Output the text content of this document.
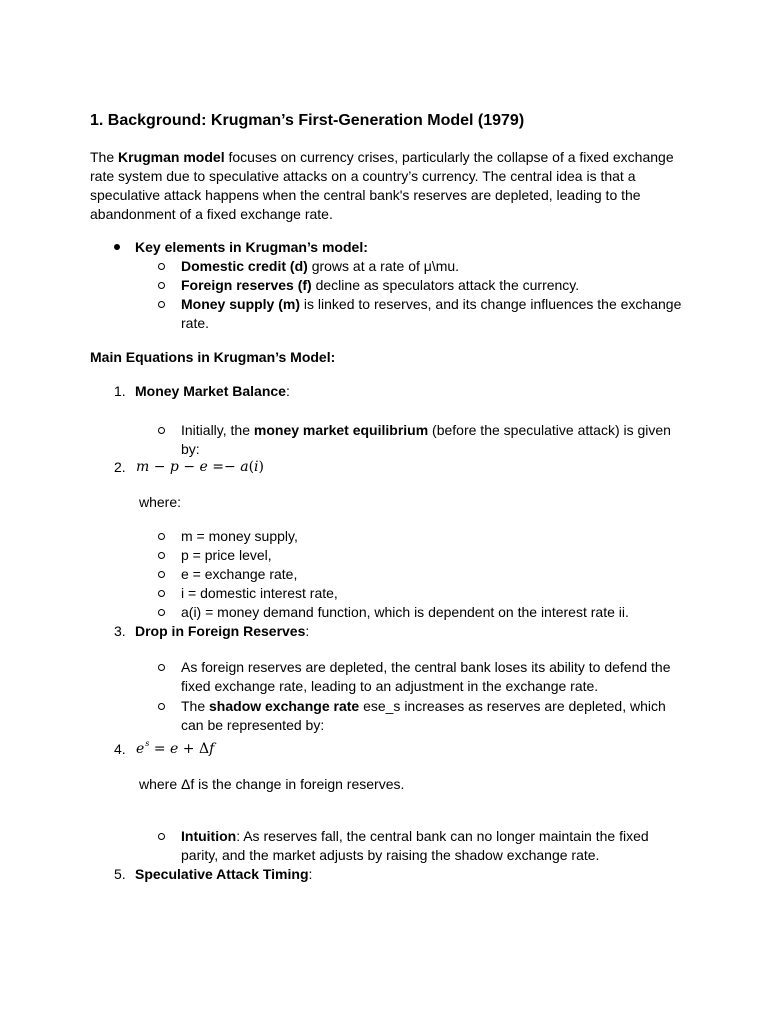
1. Background: Krugman’s First-Generation Model (1979)
The Krugman model focuses on currency crises, particularly the collapse of a fixed exchange
rate system due to speculative attacks on a country’s currency. The central idea is that a
speculative attack happens when the central bank's reserves are depleted, leading to the
abandonment of a fixed exchange rate.
Key elements in Krugman’s model:
Domestic credit (d) grows at a rate of μ\mu.
Foreign reserves (f) decline as speculators attack the currency.
Money supply (m) is linked to reserves, and its change influences the exchange
rate.
Main Equations in Krugman’s Model:
1. Money Market Balance:
Initially, the money market equilibrium (before the speculative attack) is given
by:
2. m − p − e =− a(i)
where:
m = money supply,
p = price level,
e = exchange rate,
i = domestic interest rate,
a(i) = money demand function, which is dependent on the interest rate ii.
3. Drop in Foreign Reserves:
As foreign reserves are depleted, the central bank loses its ability to defend the
fixed exchange rate, leading to an adjustment in the exchange rate.
The shadow exchange rate ese_s increases as reserves are depleted, which
can be represented by:
4. $e^s = e + \Delta f$
where Δf is the change in foreign reserves.
Intuition: As reserves fall, the central bank can no longer maintain the fixed
parity, and the market adjusts by raising the shadow exchange rate.
5. Speculative Attack Timing:
